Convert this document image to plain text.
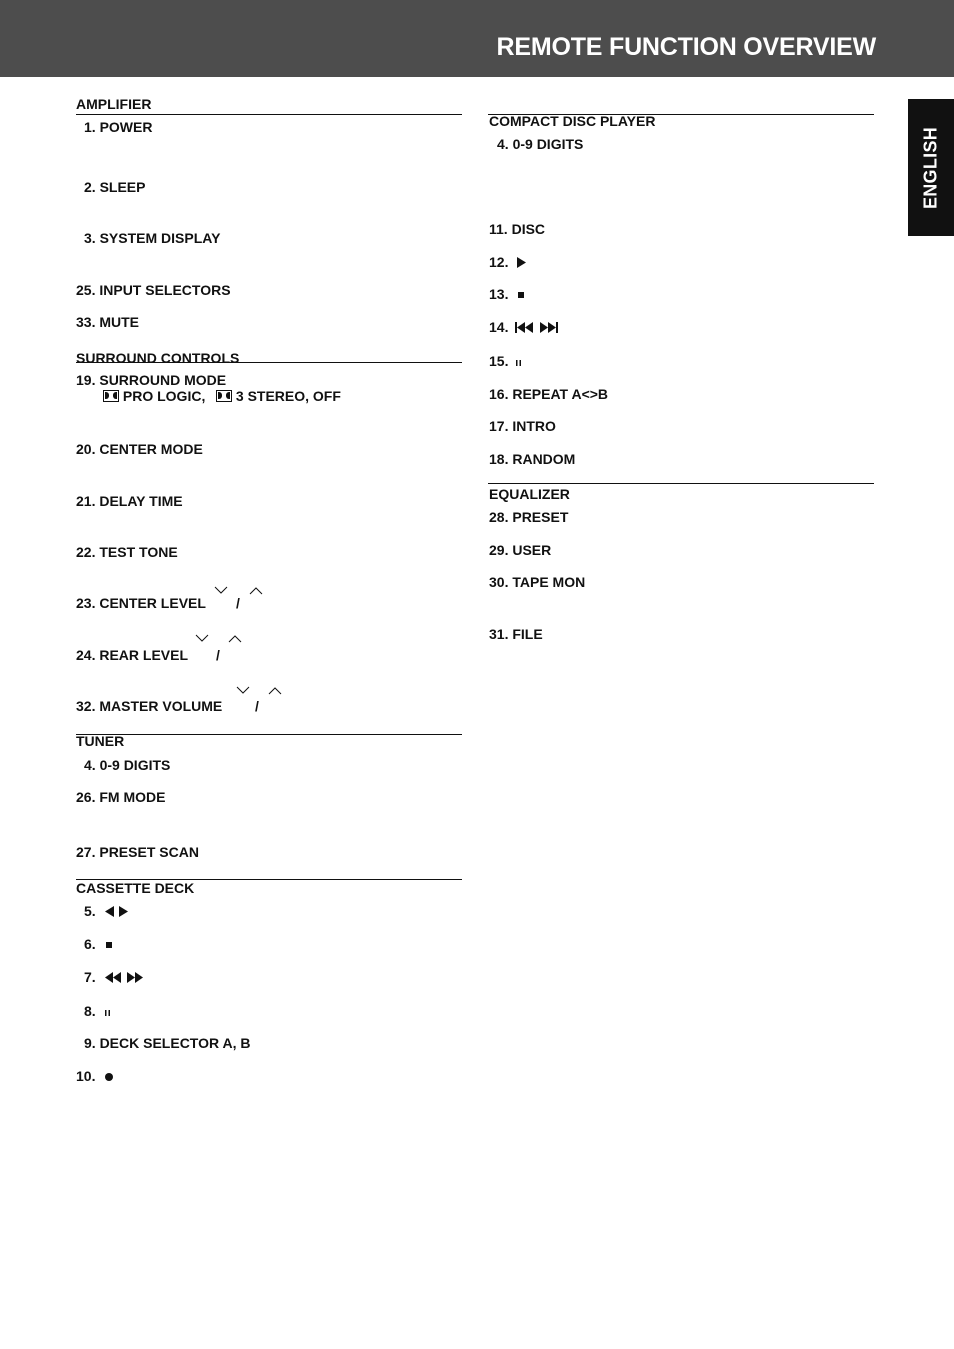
REMOTE FUNCTION OVERVIEW
ENGLISH
AMPLIFIER
1. POWER
2. SLEEP
3. SYSTEM DISPLAY
25. INPUT SELECTORS
33. MUTE
SURROUND CONTROLS
19. SURROUND MODE
PRO LOGIC,	3 STEREO, OFF
20. CENTER MODE
21. DELAY TIME
22. TEST TONE
23. CENTER LEVEL /
24. REAR LEVEL /
32. MASTER VOLUME /
TUNER
4. 0-9 DIGITS
26. FM MODE
27. PRESET SCAN
CASSETTE DECK
5.
6.
7.
8.
9. DECK SELECTOR A, B
10.
COMPACT DISC PLAYER
4. 0-9 DIGITS
11. DISC
12.
13.
14.
15.
16. REPEAT A<>B
17. INTRO
18. RANDOM
EQUALIZER
28. PRESET
29. USER
30. TAPE MON
31. FILE
